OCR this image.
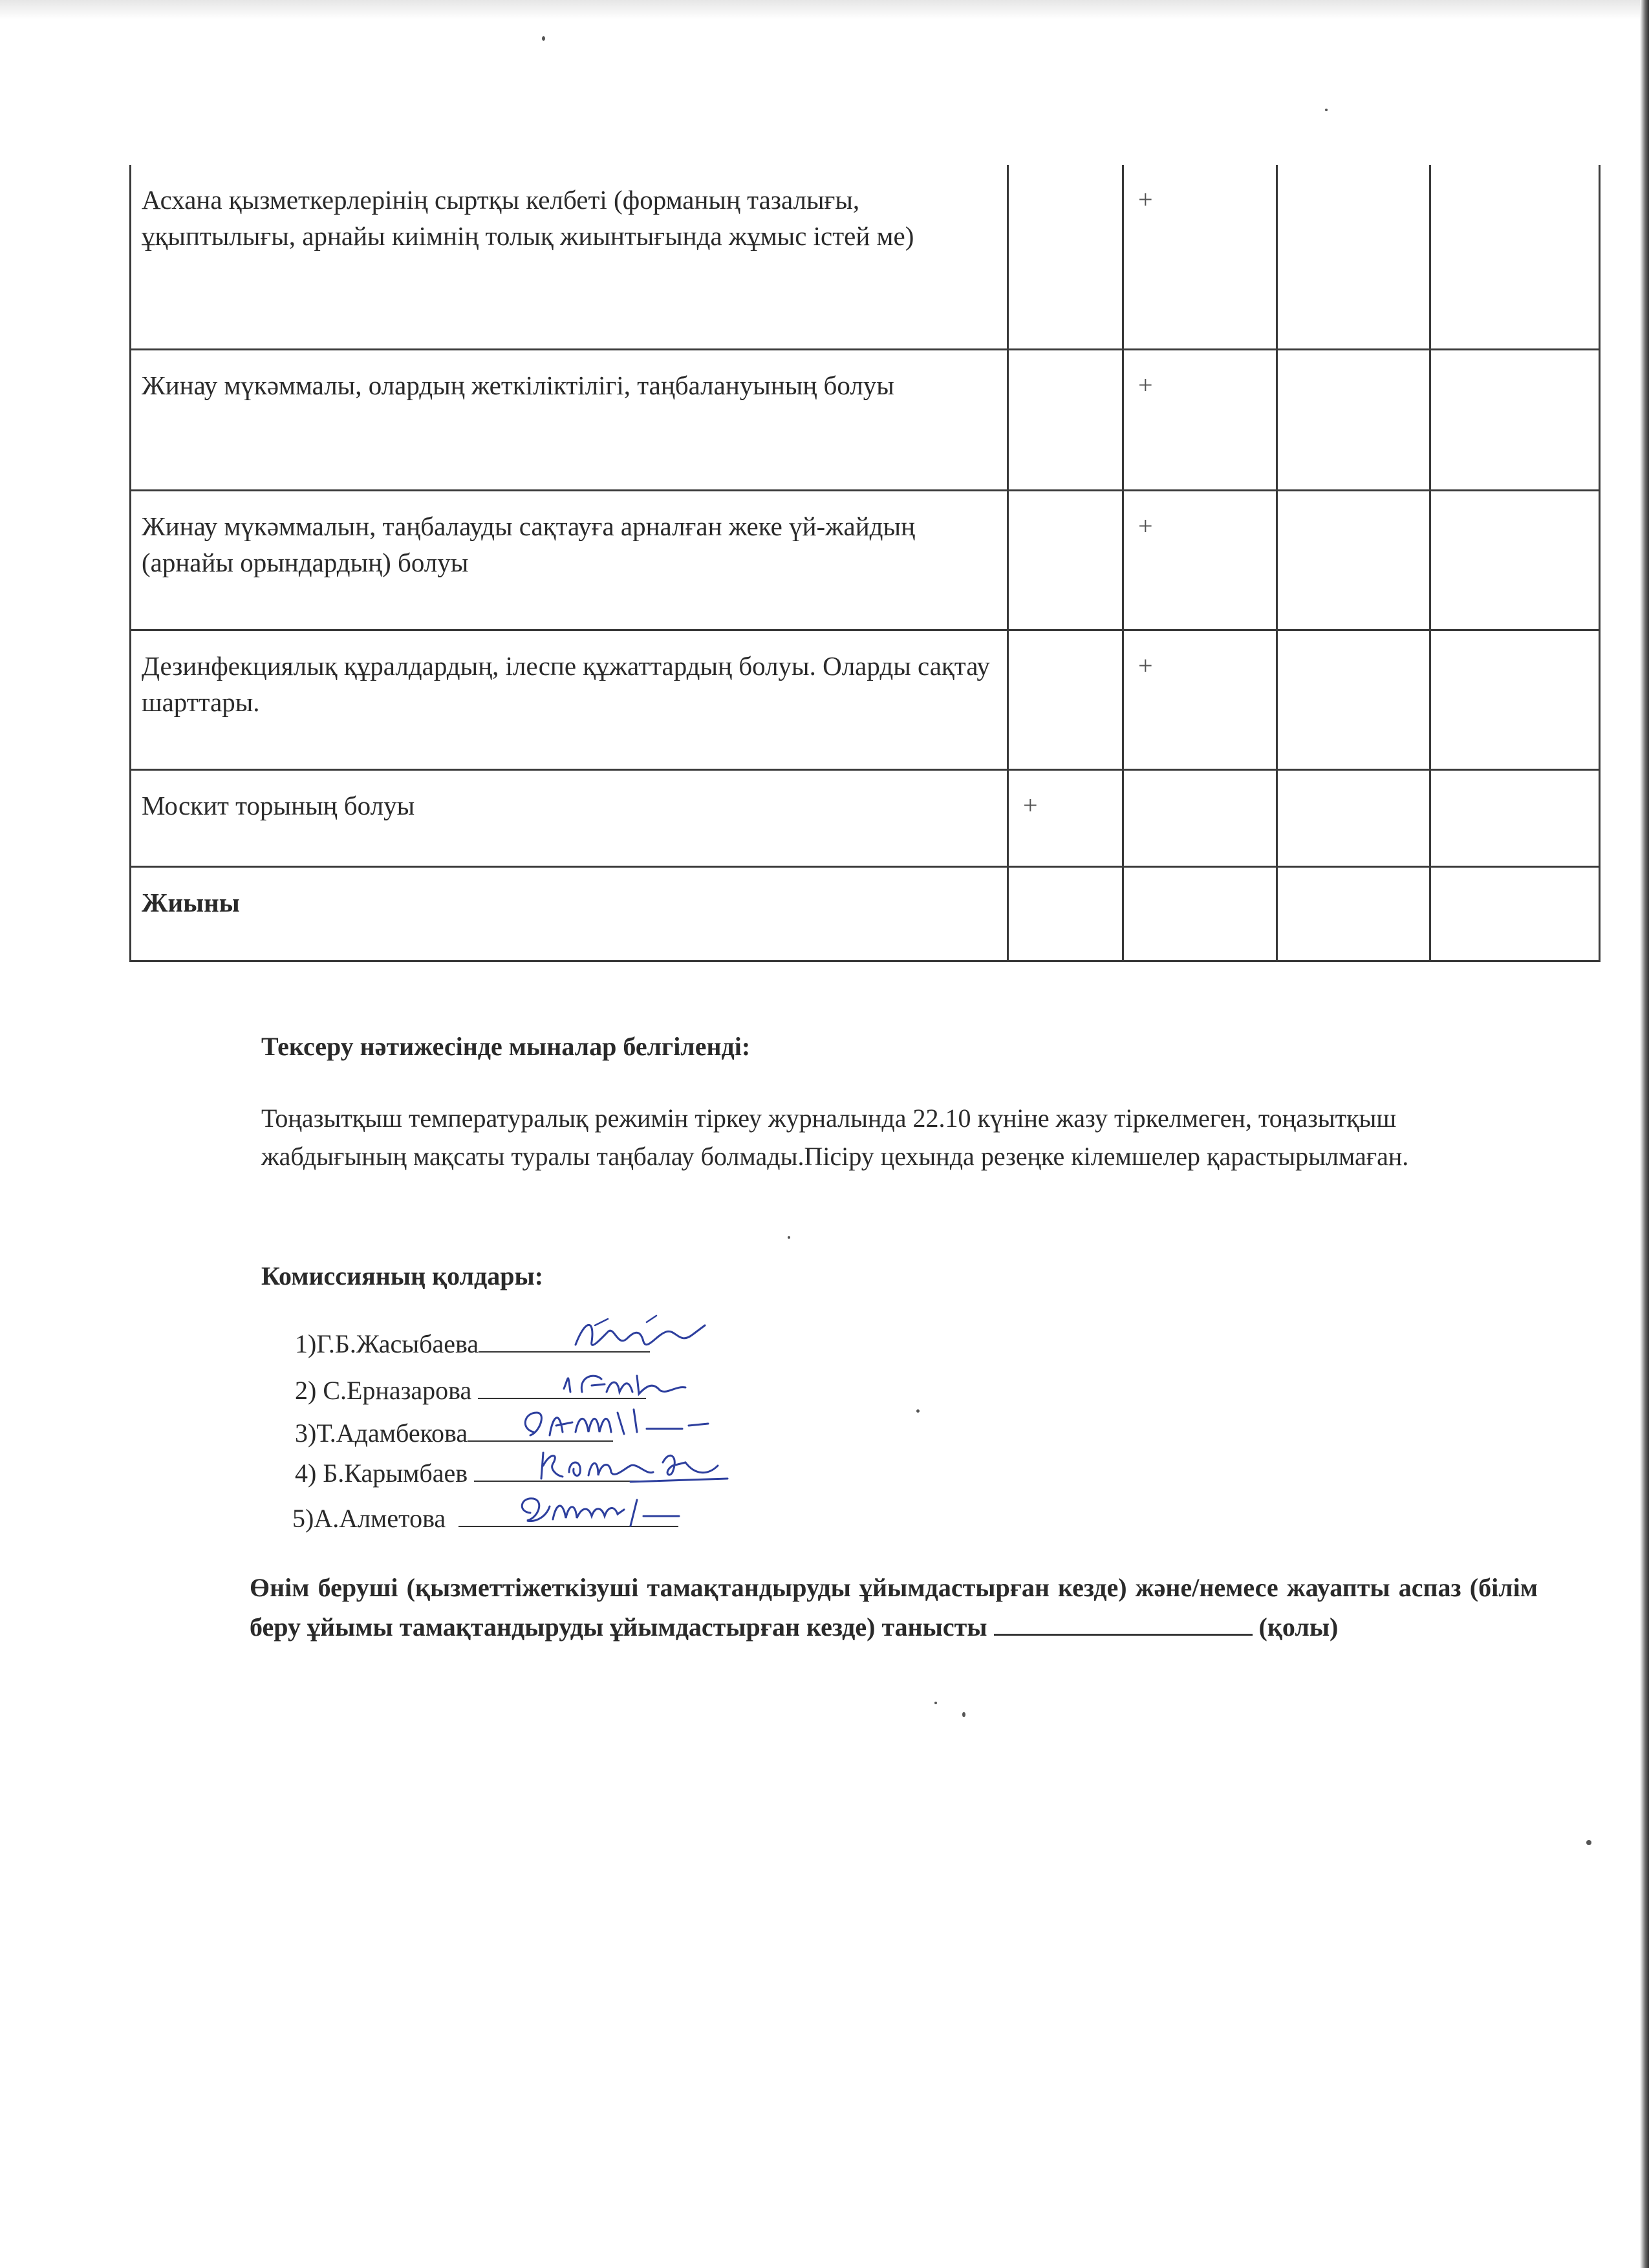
Асхана қызметкерлерінің сыртқы келбеті (форманың тазалығы, ұқыптылығы, арнайы киімнің толық жиынтығында жұмыс істей ме)		+		
Жинау мүкәммалы, олардың жеткіліктілігі, таңбалануының болуы		+		
Жинау мүкәммалын, таңбалауды сақтауға арналған жеке үй-жайдың (арнайы орындардың) болуы		+		
Дезинфекциялық құралдардың, ілеспе құжаттардың болуы. Оларды сақтау шарттары.		+		
Москит торының болуы	+			
Жиыны				
Тексеру нәтижесінде мыналар белгіленді:
Тоңазытқыш температуралық режимін тіркеу журналында 22.10 күніне жазу тіркелмеген, тоңазытқыш жабдығының мақсаты туралы таңбалау болмады.Пісіру цехында резеңке кілемшелер қарастырылмаған.
Комиссияның қолдары:
1)Г.Б.Жасыбаева
2) С.Ерназарова
3)Т.Адамбекова
4) Б.Карымбаев
5)А.Алметова
Өнім беруші (қызметтіжеткізуші тамақтандыруды ұйымдастырған кезде) және/немесе жауапты аспаз (білім беру ұйымы тамақтандыруды ұйымдастырған кезде) танысты	(қолы)
